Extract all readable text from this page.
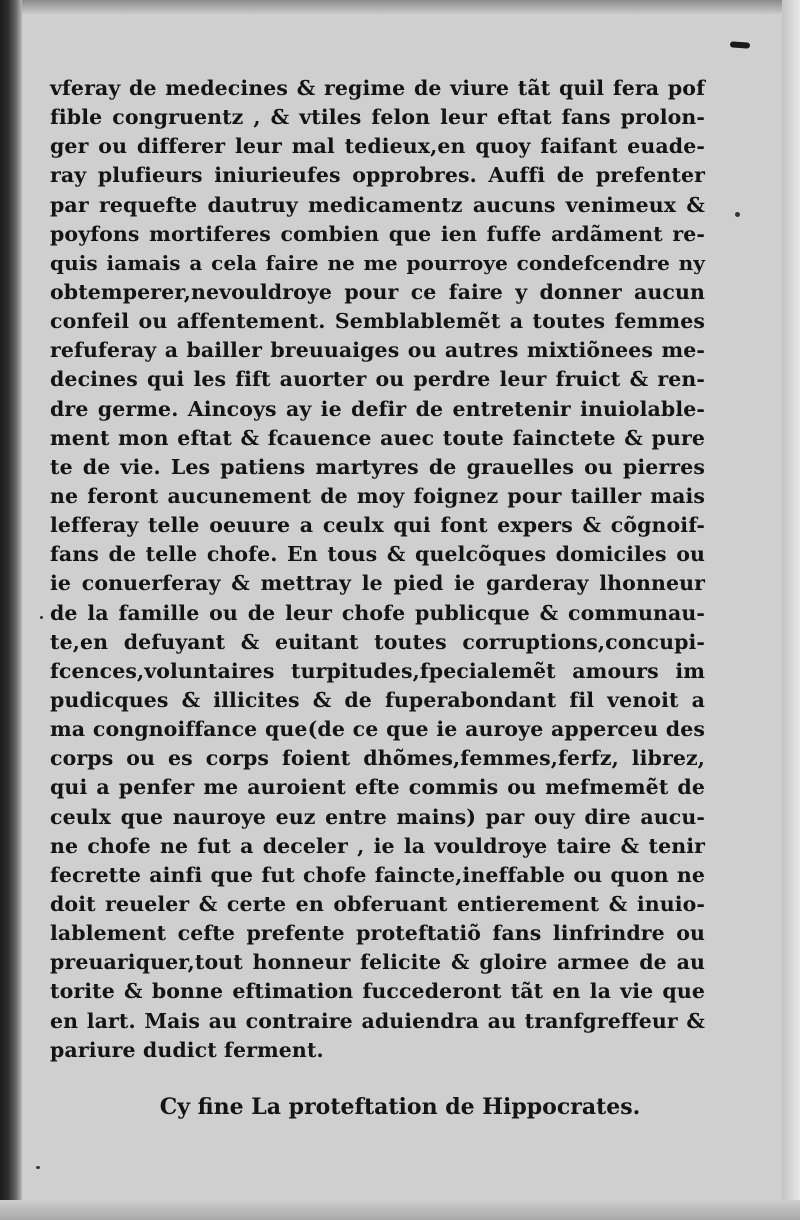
vferay de medecines & regime de viure tãt quil fera pof
fible congruentz , & vtiles felon leur eftat fans prolon-
ger ou differer leur mal tedieux,en quoy faifant euade-
ray plufieurs iniurieufes opprobres. Auffi de prefenter
par requefte dautruy medicamentz aucuns venimeux &
poyfons mortiferes combien que ien fuffe ardãment re-
quis iamais a cela faire ne me pourroye condefcendre ny
obtemperer,nevouldroye pour ce faire y donner aucun
confeil ou affentement. Semblablemẽt a toutes femmes
refuferay a bailler breuuaiges ou autres mixtiõnees me-
decines qui les fift auorter ou perdre leur fruict & ren-
dre germe. Aincoys ay ie defir de entretenir inuiolable-
ment mon eftat & fcauence auec toute fainctete & pure
te de vie. Les patiens martyres de grauelles ou pierres
ne feront aucunement de moy foignez pour tailler mais
lefferay telle oeuure a ceulx qui font expers & cõgnoif-
fans de telle chofe. En tous & quelcõques domiciles ou
ie conuerferay & mettray le pied ie garderay lhonneur
de la famille ou de leur chofe publicque & communau-
te,en defuyant & euitant toutes corruptions,concupi-
fcences,voluntaires turpitudes,fpecialemẽt amours im
pudicques & illicites & de fuperabondant fil venoit a
ma congnoiffance que(de ce que ie auroye apperceu des
corps ou es corps foient dhõmes,femmes,ferfz, librez,
qui a penfer me auroient efte commis ou mefmemẽt de
ceulx que nauroye euz entre mains) par ouy dire aucu-
ne chofe ne fut a deceler , ie la vouldroye taire & tenir
fecrette ainfi que fut chofe faincte,ineffable ou quon ne
doit reueler & certe en obferuant entierement & inuio-
lablement cefte prefente proteftatiõ fans linfrindre ou
preuariquer,tout honneur felicite & gloire armee de au
torite & bonne eftimation fuccederont tãt en la vie que
en lart. Mais au contraire aduiendra au tranfgreffeur &
pariure dudict ferment.
Cy fine La proteftation de Hippocrates.
